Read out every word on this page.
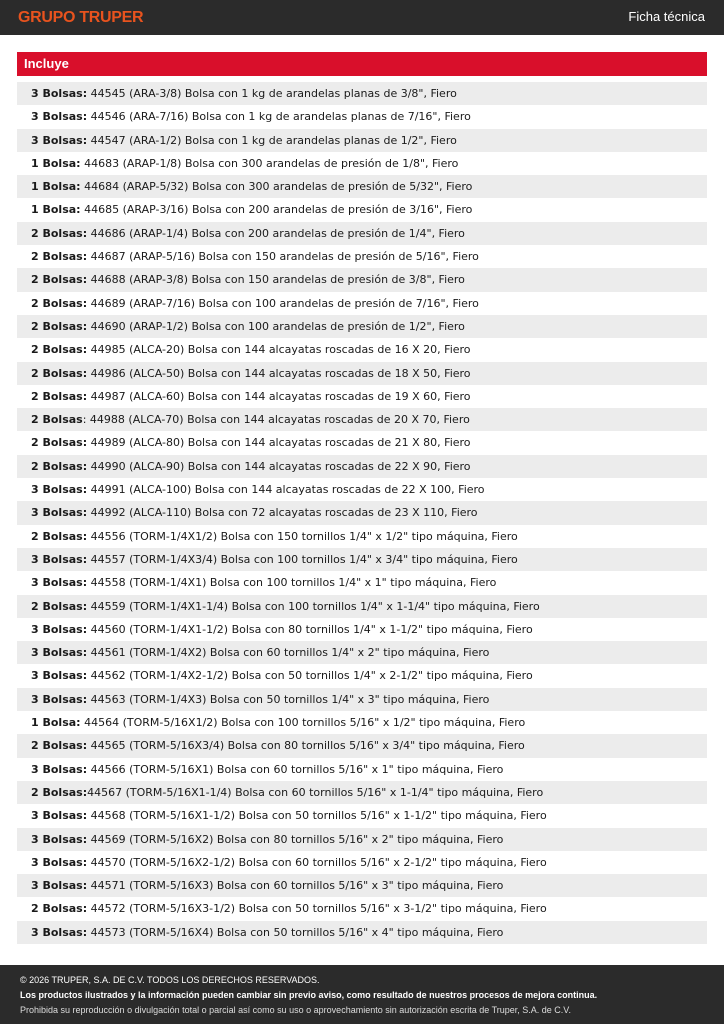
GRUPO TRUPER	Ficha técnica
Incluye
3 Bolsas: 44545 (ARA-3/8) Bolsa con 1 kg de arandelas planas de 3/8", Fiero
3 Bolsas: 44546 (ARA-7/16) Bolsa con 1 kg de arandelas planas de 7/16", Fiero
3 Bolsas: 44547 (ARA-1/2) Bolsa con 1 kg de arandelas planas de 1/2", Fiero
1 Bolsa: 44683 (ARAP-1/8) Bolsa con 300 arandelas de presión de 1/8", Fiero
1 Bolsa: 44684 (ARAP-5/32) Bolsa con 300 arandelas de presión de 5/32", Fiero
1 Bolsa: 44685 (ARAP-3/16) Bolsa con 200 arandelas de presión de 3/16", Fiero
2 Bolsas: 44686 (ARAP-1/4) Bolsa con 200 arandelas de presión de 1/4", Fiero
2 Bolsas: 44687 (ARAP-5/16) Bolsa con 150 arandelas de presión de 5/16", Fiero
2 Bolsas: 44688 (ARAP-3/8) Bolsa con 150 arandelas de presión de 3/8", Fiero
2 Bolsas: 44689 (ARAP-7/16) Bolsa con 100 arandelas de presión de 7/16", Fiero
2 Bolsas: 44690 (ARAP-1/2) Bolsa con 100 arandelas de presión de 1/2", Fiero
2 Bolsas: 44985 (ALCA-20) Bolsa con 144 alcayatas roscadas de 16 X 20, Fiero
2 Bolsas: 44986 (ALCA-50) Bolsa con 144 alcayatas roscadas de 18 X 50, Fiero
2 Bolsas: 44987 (ALCA-60) Bolsa con 144 alcayatas roscadas de 19 X 60, Fiero
2 Bolsas: 44988 (ALCA-70) Bolsa con 144 alcayatas roscadas de 20 X 70, Fiero
2 Bolsas: 44989 (ALCA-80) Bolsa con 144 alcayatas roscadas de 21 X 80, Fiero
2 Bolsas: 44990 (ALCA-90) Bolsa con 144 alcayatas roscadas de 22 X 90, Fiero
3 Bolsas: 44991 (ALCA-100) Bolsa con 144 alcayatas roscadas de 22 X 100, Fiero
3 Bolsas: 44992 (ALCA-110) Bolsa con 72 alcayatas roscadas de 23 X 110, Fiero
2 Bolsas: 44556 (TORM-1/4X1/2) Bolsa con 150 tornillos 1/4" x 1/2" tipo máquina, Fiero
3 Bolsas: 44557 (TORM-1/4X3/4) Bolsa con 100 tornillos 1/4" x 3/4" tipo máquina, Fiero
3 Bolsas: 44558 (TORM-1/4X1) Bolsa con 100 tornillos 1/4" x 1" tipo máquina, Fiero
2 Bolsas: 44559 (TORM-1/4X1-1/4) Bolsa con 100 tornillos 1/4" x 1-1/4" tipo máquina, Fiero
3 Bolsas: 44560 (TORM-1/4X1-1/2) Bolsa con 80 tornillos 1/4" x 1-1/2" tipo máquina, Fiero
3 Bolsas: 44561 (TORM-1/4X2) Bolsa con 60 tornillos 1/4" x 2" tipo máquina, Fiero
3 Bolsas: 44562 (TORM-1/4X2-1/2) Bolsa con 50 tornillos 1/4" x 2-1/2" tipo máquina, Fiero
3 Bolsas: 44563 (TORM-1/4X3) Bolsa con 50 tornillos 1/4" x 3" tipo máquina, Fiero
1 Bolsa: 44564 (TORM-5/16X1/2) Bolsa con 100 tornillos 5/16" x 1/2" tipo máquina, Fiero
2 Bolsas: 44565 (TORM-5/16X3/4) Bolsa con 80 tornillos 5/16" x 3/4" tipo máquina, Fiero
3 Bolsas: 44566 (TORM-5/16X1) Bolsa con 60 tornillos 5/16" x 1" tipo máquina, Fiero
2 Bolsas:44567 (TORM-5/16X1-1/4) Bolsa con 60 tornillos 5/16" x 1-1/4" tipo máquina, Fiero
3 Bolsas: 44568 (TORM-5/16X1-1/2) Bolsa con 50 tornillos 5/16" x 1-1/2" tipo máquina, Fiero
3 Bolsas: 44569 (TORM-5/16X2) Bolsa con 80 tornillos 5/16" x 2" tipo máquina, Fiero
3 Bolsas: 44570 (TORM-5/16X2-1/2) Bolsa con 60 tornillos 5/16" x 2-1/2" tipo máquina, Fiero
3 Bolsas: 44571 (TORM-5/16X3) Bolsa con 60 tornillos 5/16" x 3" tipo máquina, Fiero
2 Bolsas: 44572 (TORM-5/16X3-1/2) Bolsa con 50 tornillos 5/16" x 3-1/2" tipo máquina, Fiero
3 Bolsas: 44573 (TORM-5/16X4) Bolsa con 50 tornillos 5/16" x 4" tipo máquina, Fiero
© 2026 TRUPER, S.A. DE C.V. TODOS LOS DERECHOS RESERVADOS.
Los productos ilustrados y la información pueden cambiar sin previo aviso, como resultado de nuestros procesos de mejora continua.
Prohibida su reproducción o divulgación total o parcial así como su uso o aprovechamiento sin autorización escrita de Truper, S.A. de C.V.
